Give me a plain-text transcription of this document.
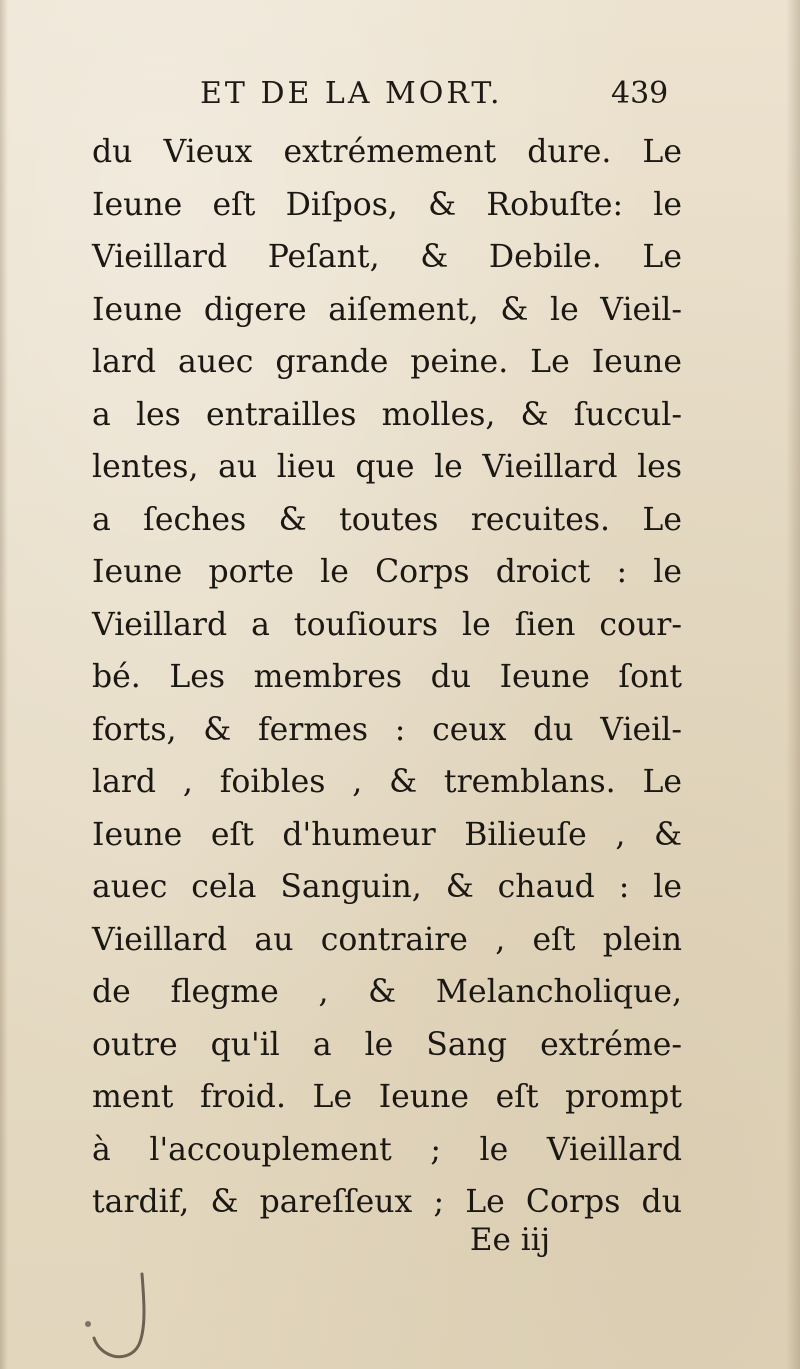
ET DE LA MORT.	439
du Vieux extrémement dure. Le
Ieune eſt Diſpos, & Robuſte: le
Vieillard Peſant, & Debile. Le
Ieune digere aiſement, & le Vieil-
lard auec grande peine. Le Ieune
a les entrailles molles, & ſuccul-
lentes, au lieu que le Vieillard les
a ſeches & toutes recuites. Le
Ieune porte le Corps droict : le
Vieillard a touſiours le ſien cour-
bé. Les membres du Ieune ſont
forts, & fermes : ceux du Vieil-
lard , foibles , & tremblans. Le
Ieune eſt d'humeur Bilieuſe , &
auec cela Sanguin, & chaud : le
Vieillard au contraire , eſt plein
de flegme , & Melancholique,
outre qu'il a le Sang extréme-
ment froid. Le Ieune eſt prompt
à l'accouplement ; le Vieillard
tardif, & pareſſeux ; Le Corps du
Ee iij
